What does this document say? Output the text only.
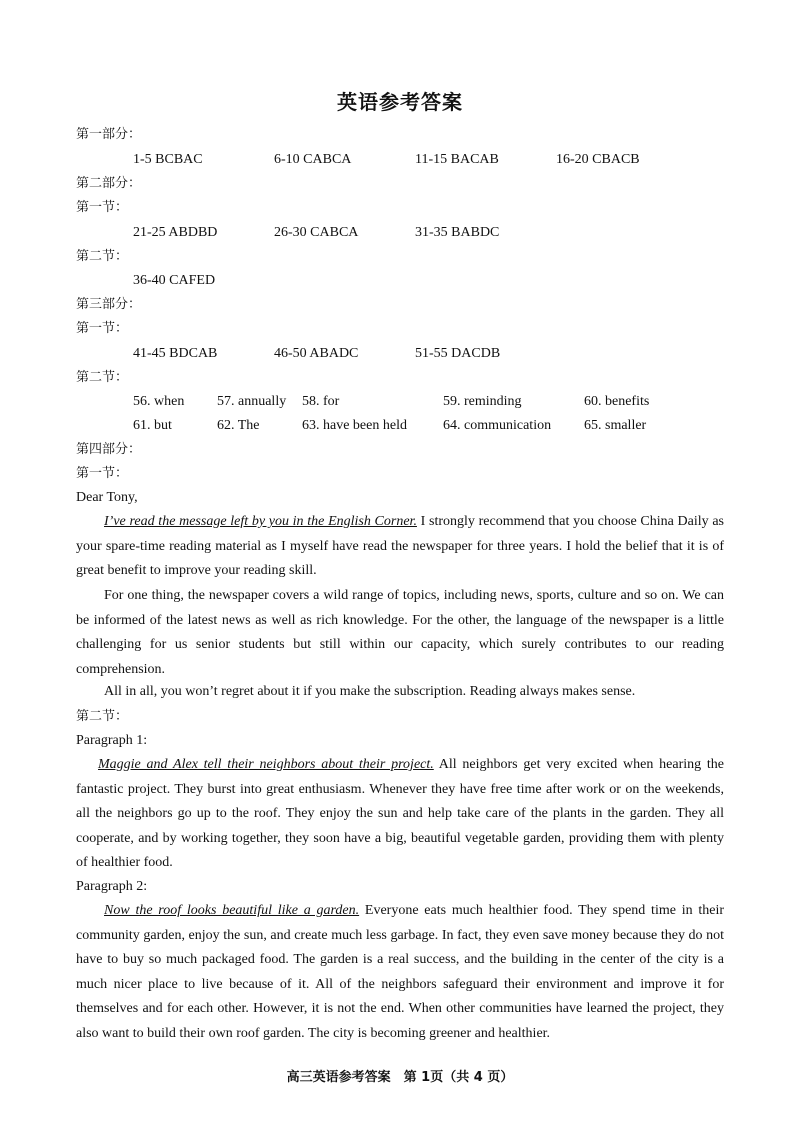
英语参考答案
第一部分：
1-5 BCBAC	6-10 CABCA	11-15 BACAB	16-20 CBACB
第二部分：
第一节：
21-25 ABDBD	26-30 CABCA	31-35 BABDC
第二节：
36-40 CAFED
第三部分：
第一节：
41-45 BDCAB	46-50 ABADC	51-55 DACDB
第二节：
56. when 57. annually 58. for	59. reminding	60. benefits
61. but	62. The	63. have been held	64. communication 65. smaller
第四部分：
第一节：
Dear Tony,
I’ve read the message left by you in the English Corner. I strongly recommend that you choose China Daily as your spare-time reading material as I myself have read the newspaper for three years. I hold the belief that it is of great benefit to improve your reading skill.
For one thing, the newspaper covers a wild range of topics, including news, sports, culture and so on. We can be informed of the latest news as well as rich knowledge. For the other, the language of the newspaper is a little challenging for us senior students but still within our capacity, which surely contributes to our reading comprehension.
All in all, you won’t regret about it if you make the subscription. Reading always makes sense.
第二节：
Paragraph 1:
Maggie and Alex tell their neighbors about their project. All neighbors get very excited when hearing the fantastic project. They burst into great enthusiasm. Whenever they have free time after work or on the weekends, all the neighbors go up to the roof. They enjoy the sun and help take care of the plants in the garden. They all cooperate, and by working together, they soon have a big, beautiful vegetable garden, providing them with plenty of healthier food.
Paragraph 2:
Now the roof looks beautiful like a garden. Everyone eats much healthier food. They spend time in their community garden, enjoy the sun, and create much less garbage. In fact, they even save money because they do not have to buy so much packaged food. The garden is a real success, and the building in the center of the city is a much nicer place to live because of it. All of the neighbors safeguard their environment and improve it for themselves and for each other. However, it is not the end. When other communities have learned the project, they also want to build their own roof garden. The city is becoming greener and healthier.
高三英语参考答案　第 1页（共 4 页）
